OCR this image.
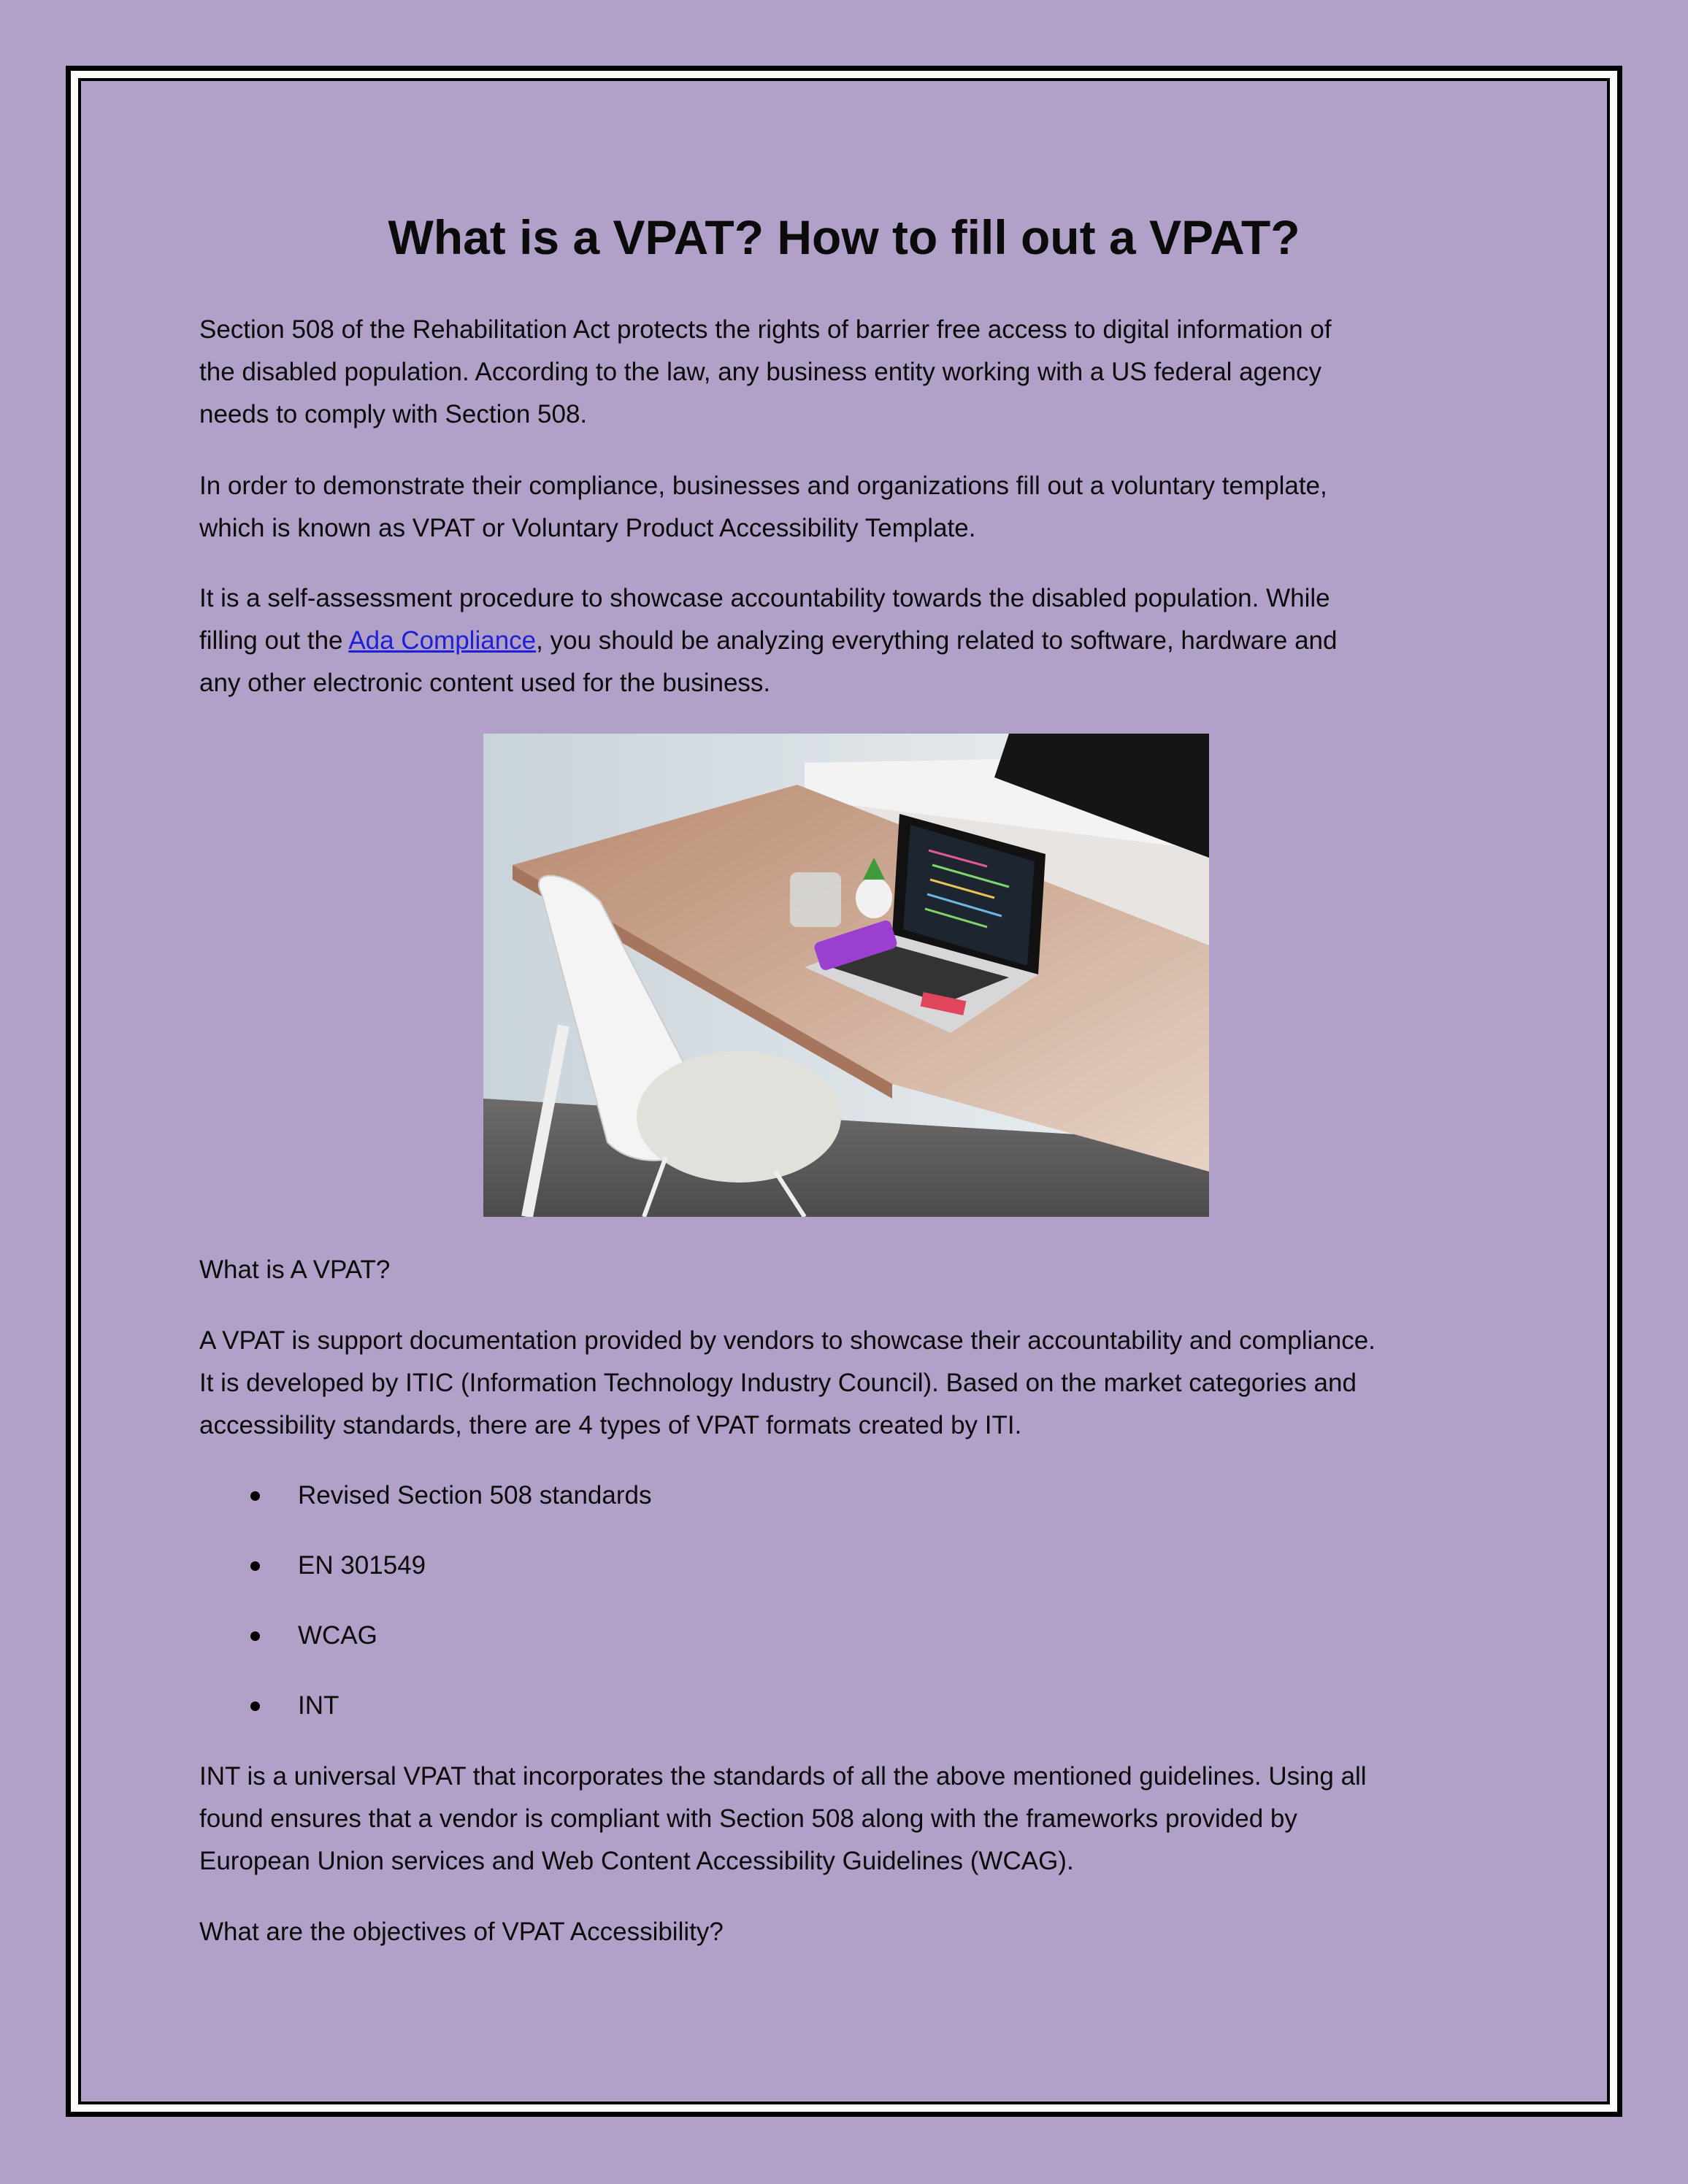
What is a VPAT? How to fill out a VPAT?
Section 508 of the Rehabilitation Act protects the rights of barrier free access to digital information of
the disabled population. According to the law, any business entity working with a US federal agency
needs to comply with Section 508.
In order to demonstrate their compliance, businesses and organizations fill out a voluntary template,
which is known as VPAT or Voluntary Product Accessibility Template.
It is a self-assessment procedure to showcase accountability towards the disabled population. While
filling out the Ada Compliance, you should be analyzing everything related to software, hardware and
any other electronic content used for the business.
What is A VPAT?
A VPAT is support documentation provided by vendors to showcase their accountability and compliance.
It is developed by ITIC (Information Technology Industry Council). Based on the market categories and
accessibility standards, there are 4 types of VPAT formats created by ITI.
Revised Section 508 standards
EN 301549
WCAG
INT
INT is a universal VPAT that incorporates the standards of all the above mentioned guidelines. Using all
found ensures that a vendor is compliant with Section 508 along with the frameworks provided by
European Union services and Web Content Accessibility Guidelines (WCAG).
What are the objectives of VPAT Accessibility?
